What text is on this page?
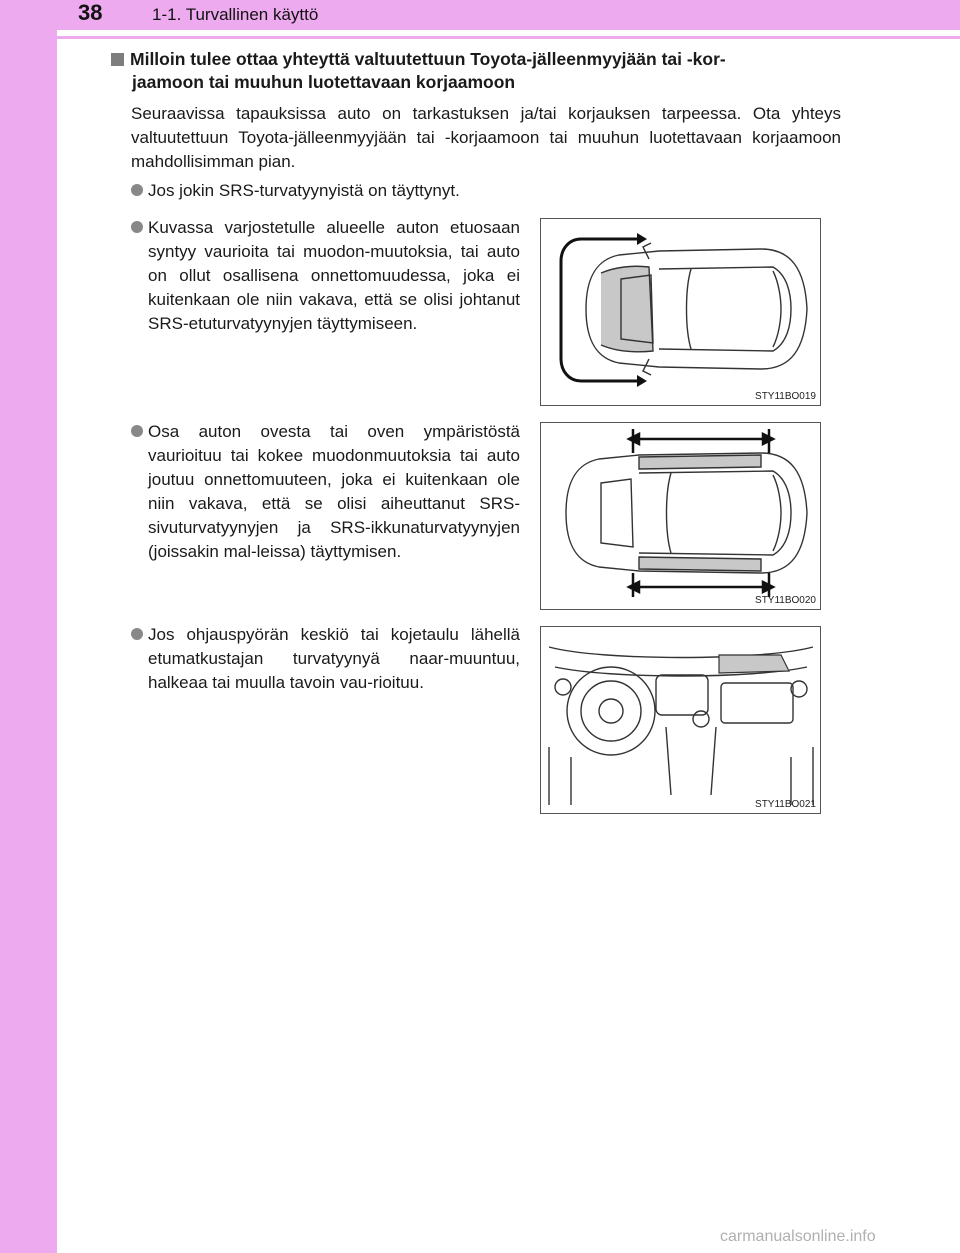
38	1-1. Turvallinen käyttö
Milloin tulee ottaa yhteyttä valtuutettuun Toyota-jälleenmyyjään tai -kor-
jaamoon tai muuhun luotettavaan korjaamoon
Seuraavissa tapauksissa auto on tarkastuksen ja/tai korjauksen tarpeessa. Ota yhteys valtuutettuun Toyota-jälleenmyyjään tai -korjaamoon tai muuhun luotettavaan korjaamoon mahdollisimman pian.
Jos jokin SRS-turvatyynyistä on täyttynyt.
Kuvassa varjostetulle alueelle auton etuosaan syntyy vaurioita tai muodon-muutoksia, tai auto on ollut osallisena onnettomuudessa, joka ei kuitenkaan ole niin vakava, että se olisi johtanut SRS-etuturvatyynyjen täyttymiseen.
Osa auton ovesta tai oven ympäristöstä vaurioituu tai kokee muodonmuutoksia tai auto joutuu onnettomuuteen, joka ei kuitenkaan ole niin vakava, että se olisi aiheuttanut SRS-sivuturvatyynyjen ja SRS-ikkunaturvatyynyjen (joissakin mal-leissa) täyttymisen.
Jos ohjauspyörän keskiö tai kojetaulu lähellä etumatkustajan turvatyynyä naar-muuntuu, halkeaa tai muulla tavoin vau-rioituu.
STY11BO019
STY11BO020
STY11BO021
carmanualsonline.info
